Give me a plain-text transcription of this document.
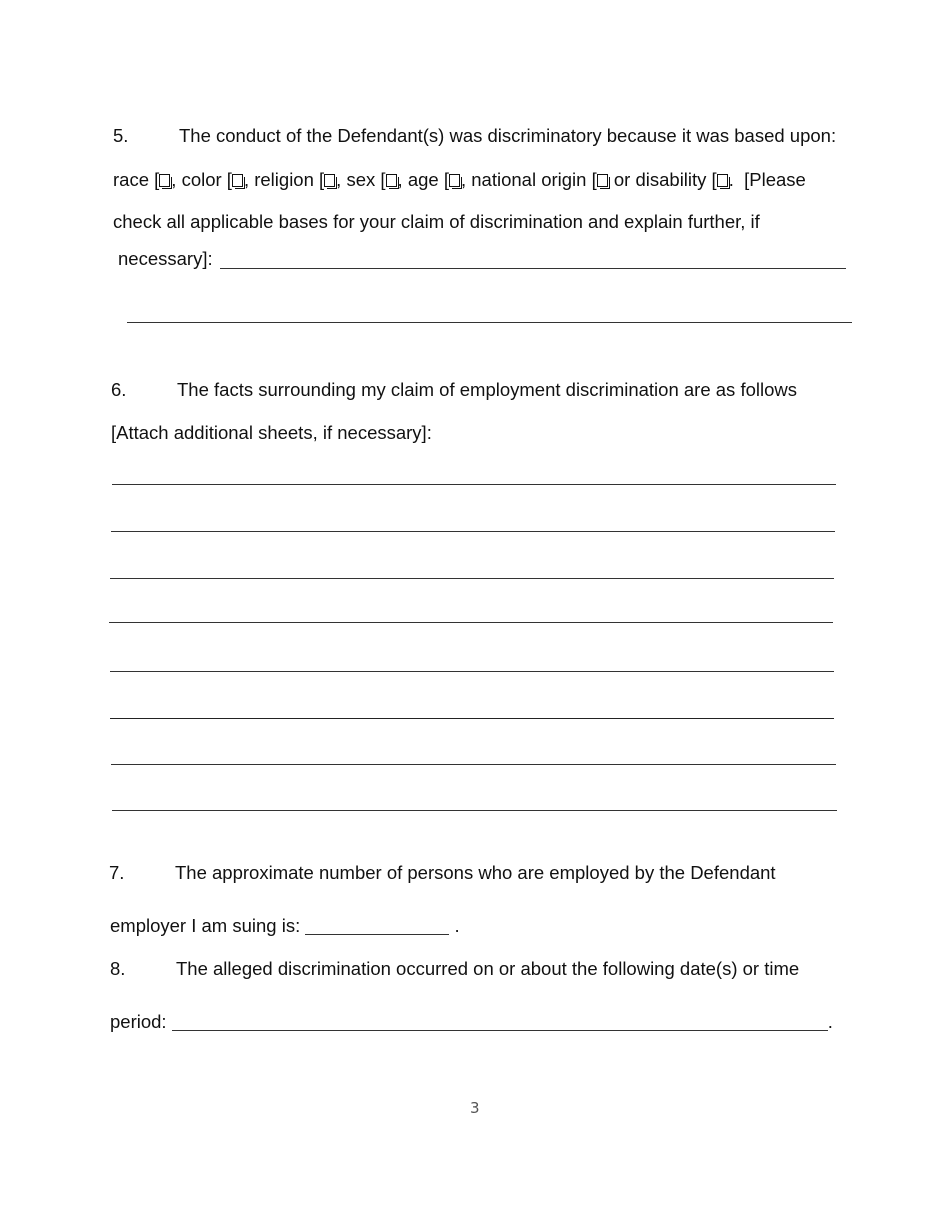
5.	The conduct of the Defendant(s) was discriminatory because it was based upon:
race [ , color [ , religion [ , sex [ , age [ , national origin [ or disability [ . [Please
check all applicable bases for your claim of discrimination and explain further, if
necessary]:
6.	The facts surrounding my claim of employment discrimination are as follows
[Attach additional sheets, if necessary]:
7.	The approximate number of persons who are employed by the Defendant
employer I am suing is:	.
8.	The alleged discrimination occurred on or about the following date(s) or time
period:	.
3
